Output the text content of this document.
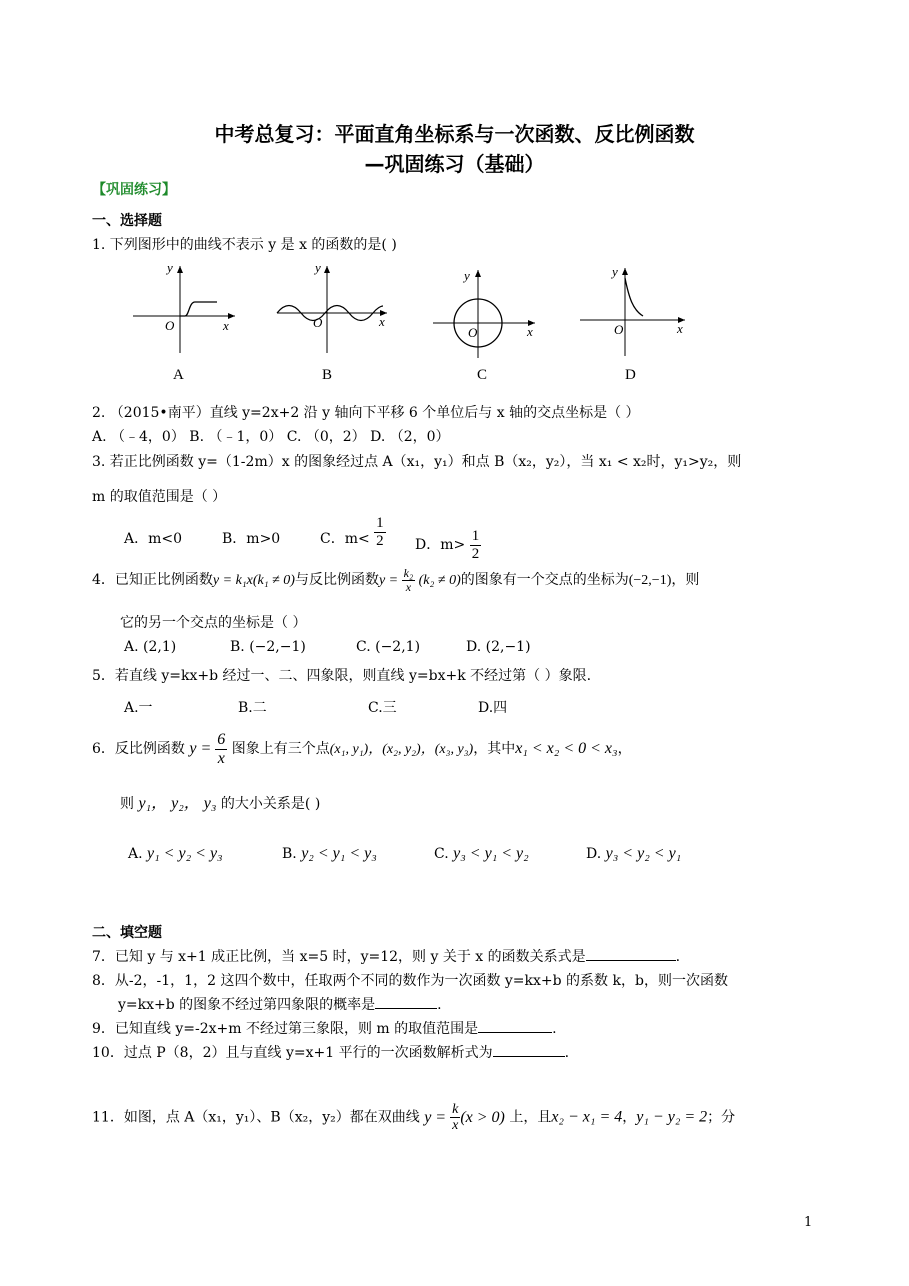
中考总复习：平面直角坐标系与一次函数、反比例函数
—巩固练习（基础）
【巩固练习】
一、选择题
1. 下列图形中的曲线不表示 y 是 x 的函数的是( )
y
x
O
A
y
x
O
B
y
x
O
C
y
x
O
D
2. （2015•南平）直线 y=2x+2 沿 y 轴向下平移 6 个单位后与 x 轴的交点坐标是（ ）
A. （﹣4，0） B. （﹣1，0） C. （0，2） D. （2，0）
3. 若正比例函数 y=（1-2m）x 的图象经过点 A（x₁，y₁）和点 B（x₂，y₂），当 x₁ < x₂时，y₁>y₂，则
m 的取值范围是（ ）
A．m<0	B．m>0	C．$m< \frac{1}{2}$ D．$m> \frac{1}{2}$
4．已知正比例函数y = k₁x(k₁ ≠ 0)与反比例函数$y = \frac{\text{k₂}}{x} (k_2 \ne 0)$的图象有一个交点的坐标为(−2,−1)，则
它的另一个交点的坐标是（ ）
A. (2,1)	B. (−2,−1)	C. (−2,1)	D. (2,−1)
5．若直线 y=kx+b 经过一、二、四象限，则直线 y=bx+k 不经过第（ ）象限.
A.一	B.二	C.三	D.四
6．反比例函数 $y = \frac{6}{x}$ 图象上有三个点(x₁, y₁)，(x₂, y₂)，(x₃, y₃)，其中x₁ < x₂ < 0 < x₃，
则 y₁， y₂， y₃ 的大小关系是( )
A. y₁ < y₂ < y₃	B. y₂ < y₁ < y₃	C. y₃ < y₁ < y₂	D. y₃ < y₂ < y₁
二、填空题
7．已知 y 与 x+1 成正比例，当 x=5 时，y=12，则 y 关于 x 的函数关系式是	.
8．从-2，-1，1，2 这四个数中，任取两个不同的数作为一次函数 y=kx+b 的系数 k，b，则一次函数
y=kx+b 的图象不经过第四象限的概率是	.
9．已知直线 y=-2x+m 不经过第三象限，则 m 的取值范围是	.
10．过点 P（8，2）且与直线 y=x+1 平行的一次函数解析式为	.
11．如图，点 A（x₁，y₁）、B（x₂，y₂）都在双曲线 $y = \frac{k}{x} (x > 0)$ 上，且x₂ − x₁ = 4，y₁ − y₂ = 2；分
1
